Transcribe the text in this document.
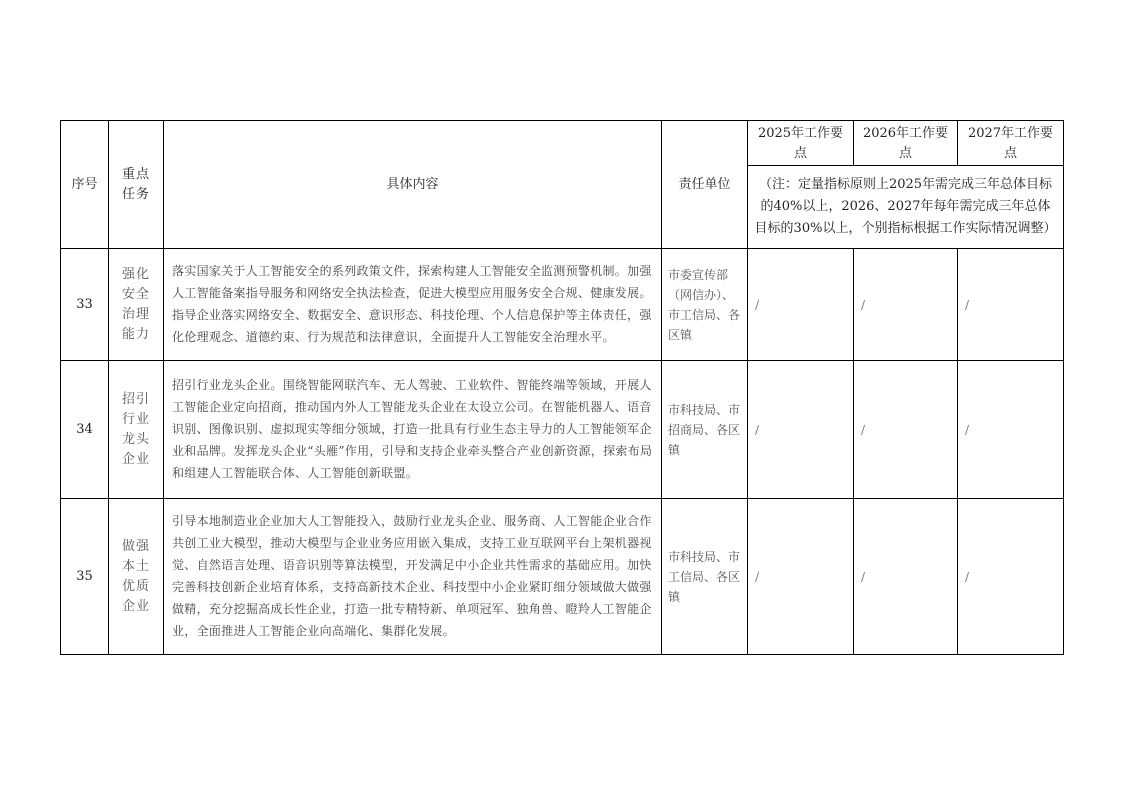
序号	重点任务	具体内容	责任单位	2025年工作要点	2026年工作要点	2027年工作要点
				（注：定量指标原则上2025年需完成三年总体目标的40%以上，2026、2027年每年需完成三年总体目标的30%以上，个别指标根据工作实际情况调整）		
33	强化安全治理能力	落实国家关于人工智能安全的系列政策文件，探索构建人工智能安全监测预警机制。加强人工智能备案指导服务和网络安全执法检查，促进大模型应用服务安全合规、健康发展。指导企业落实网络安全、数据安全、意识形态、科技伦理、个人信息保护等主体责任，强化伦理观念、道德约束、行为规范和法律意识，全面提升人工智能安全治理水平。	市委宣传部（网信办）、市工信局、各区镇	/	/	/
34	招引行业龙头企业	招引行业龙头企业。围绕智能网联汽车、无人驾驶、工业软件、智能终端等领域，开展人工智能企业定向招商，推动国内外人工智能龙头企业在太设立公司。在智能机器人、语音识别、图像识别、虚拟现实等细分领域，打造一批具有行业生态主导力的人工智能领军企业和品牌。发挥龙头企业“头雁”作用，引导和支持企业牵头整合产业创新资源，探索布局和组建人工智能联合体、人工智能创新联盟。	市科技局、市招商局、各区镇	/	/	/
35	做强本土优质企业	引导本地制造业企业加大人工智能投入，鼓励行业龙头企业、服务商、人工智能企业合作共创工业大模型，推动大模型与企业业务应用嵌入集成，支持工业互联网平台上架机器视觉、自然语言处理、语音识别等算法模型，开发满足中小企业共性需求的基础应用。加快完善科技创新企业培育体系，支持高新技术企业、科技型中小企业紧盯细分领域做大做强做精，充分挖掘高成长性企业，打造一批专精特新、单项冠军、独角兽、瞪羚人工智能企业，全面推进人工智能企业向高端化、集群化发展。	市科技局、市工信局、各区镇	/	/	/
